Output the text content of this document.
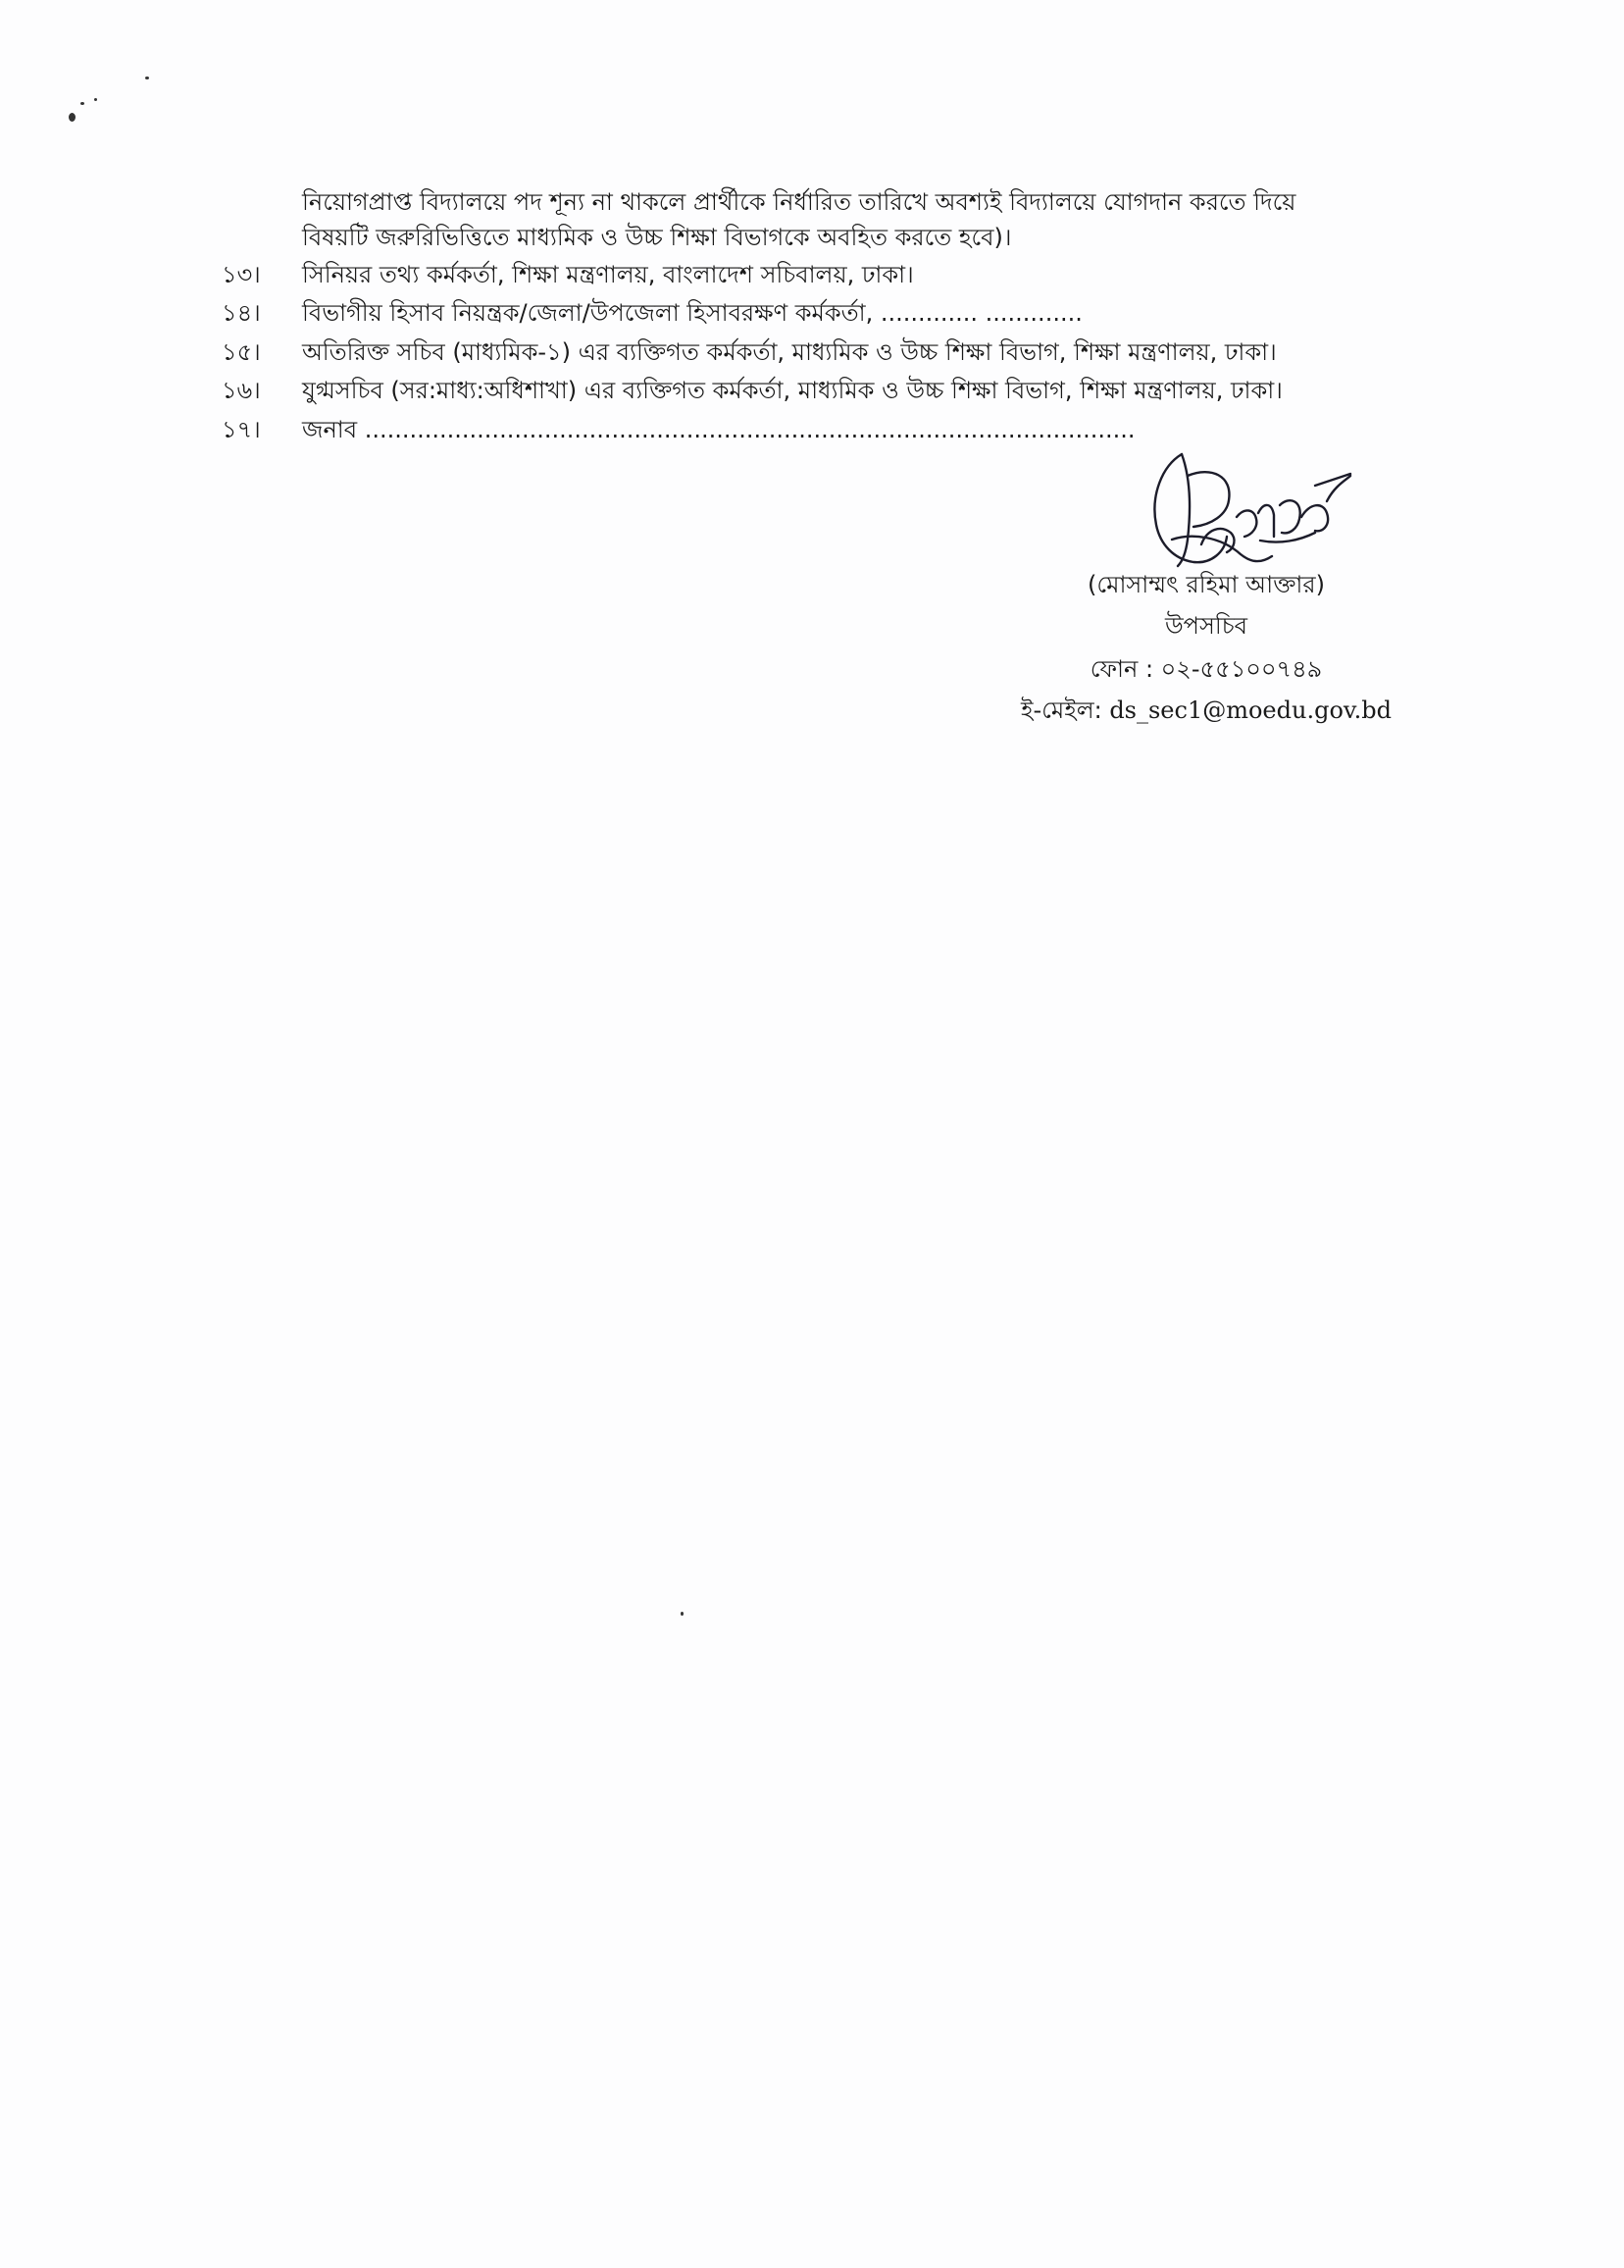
নিয়োগপ্রাপ্ত বিদ্যালয়ে পদ শূন্য না থাকলে প্রার্থীকে নির্ধারিত তারিখে অবশ্যই বিদ্যালয়ে যোগদান করতে দিয়ে
বিষয়টি জরুরিভিত্তিতে মাধ্যমিক ও উচ্চ শিক্ষা বিভাগকে অবহিত করতে হবে)।
১৩। সিনিয়র তথ্য কর্মকর্তা, শিক্ষা মন্ত্রণালয়, বাংলাদেশ সচিবালয়, ঢাকা।
১৪। বিভাগীয় হিসাব নিয়ন্ত্রক/জেলা/উপজেলা হিসাবরক্ষণ কর্মকর্তা, ............. .............
১৫। অতিরিক্ত সচিব (মাধ্যমিক-১) এর ব্যক্তিগত কর্মকর্তা, মাধ্যমিক ও উচ্চ শিক্ষা বিভাগ, শিক্ষা মন্ত্রণালয়, ঢাকা।
১৬। যুগ্মসচিব (সর:মাধ্য:অধিশাখা) এর ব্যক্তিগত কর্মকর্তা, মাধ্যমিক ও উচ্চ শিক্ষা বিভাগ, শিক্ষা মন্ত্রণালয়, ঢাকা।
১৭। জনাব .......................................................................................................
(মোসাম্মৎ রহিমা আক্তার)
উপসচিব
ফোন : ০২-৫৫১০০৭৪৯
ই-মেইল: ds_sec1@moedu.gov.bd
